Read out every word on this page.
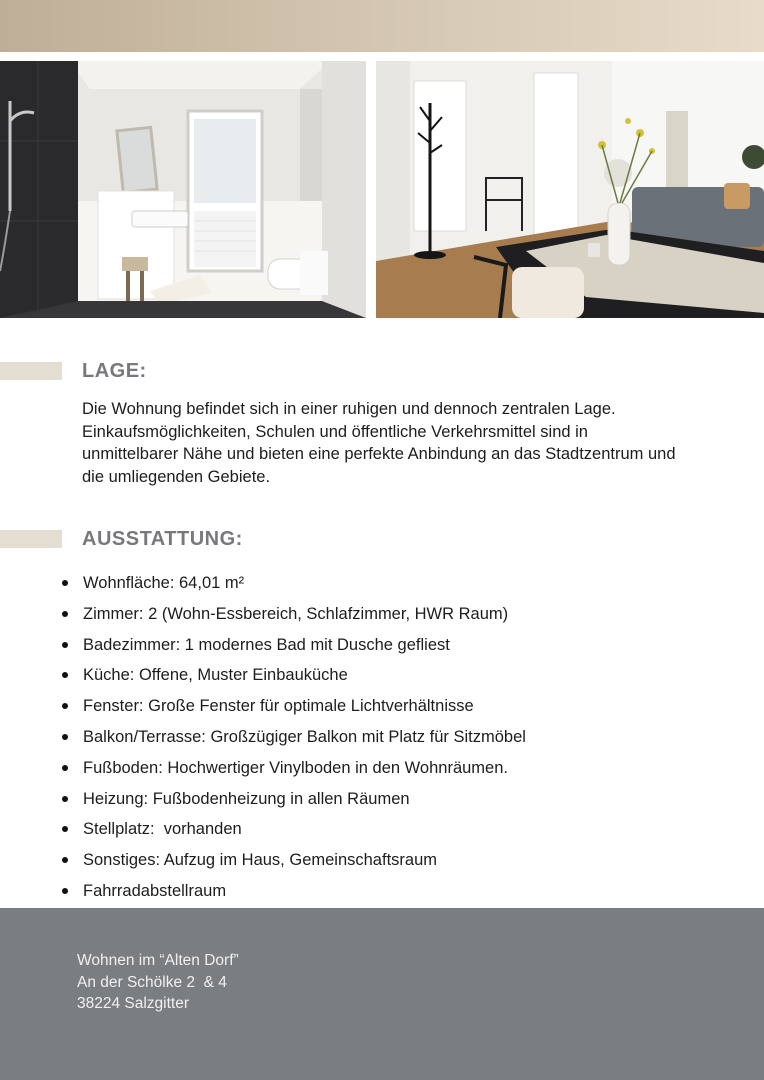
LAGE:

Die Wohnung befindet sich in einer ruhigen und dennoch zentralen Lage. Einkaufsmöglichkeiten, Schulen und öffentliche Verkehrsmittel sind in unmittelbarer Nähe und bieten eine perfekte Anbindung an das Stadtzentrum und die umliegenden Gebiete.

AUSSTATTUNG:
Wohnfläche: 64,01 m²
Zimmer: 2 (Wohn-Essbereich, Schlafzimmer, HWR Raum)
Badezimmer: 1 modernes Bad mit Dusche gefliest
Küche: Offene, Muster Einbauküche
Fenster: Große Fenster für optimale Lichtverhältnisse
Balkon/Terrasse: Großzügiger Balkon mit Platz für Sitzmöbel
Fußboden: Hochwertiger Vinylboden in den Wohnräumen.
Heizung: Fußbodenheizung in allen Räumen
Stellplatz:  vorhanden
Sonstiges: Aufzug im Haus, Gemeinschaftsraum
Fahrradabstellraum

Wohnen im “Alten Dorf”
An der Schölke 2  & 4
38224 Salzgitter
